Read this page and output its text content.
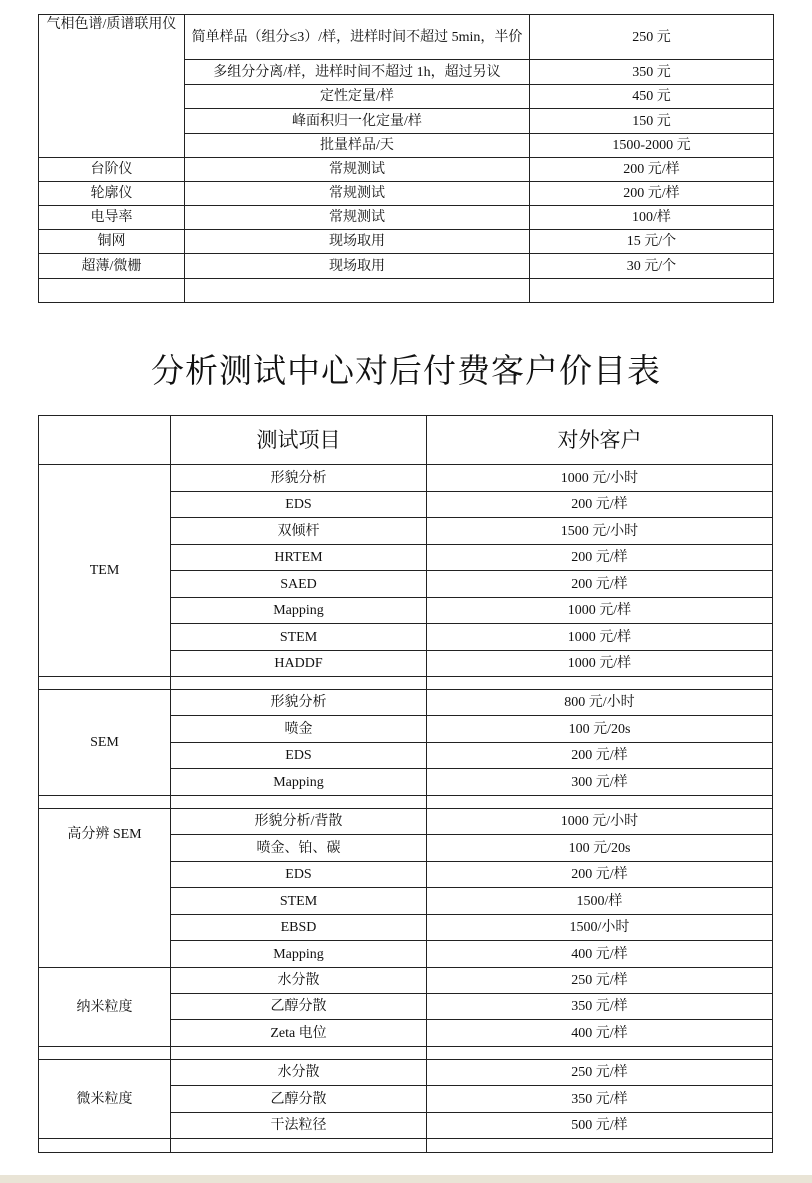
气相色谱/质谱联用仪	简单样品（组分≤3）/样，进样时间不超过 5min，半价	250 元
	多组分分离/样，进样时间不超过 1h，超过另议	350 元
	定性定量/样	450 元
	峰面积归一化定量/样	150 元
	批量样品/天	1500-2000 元
台阶仪	常规测试	200 元/样
轮廓仪	常规测试	200 元/样
电导率	常规测试	100/样
铜网	现场取用	15 元/个
超薄/微栅	现场取用	30 元/个

分析测试中心对后付费客户价目表
	测试项目	对外客户
TEM	形貌分析	1000 元/小时
	EDS	200 元/样
	双倾杆	1500 元/小时
	HRTEM	200 元/样
	SAED	200 元/样
	Mapping	1000 元/样
	STEM	1000 元/样
	HADDF	1000 元/样

SEM	形貌分析	800 元/小时
	喷金	100 元/20s
	EDS	200 元/样
	Mapping	300 元/样

高分辨 SEM	形貌分析/背散	1000 元/小时
	喷金、铂、碳	100 元/20s
	EDS	200 元/样
	STEM	1500/样
	EBSD	1500/小时
	Mapping	400 元/样
纳米粒度	水分散	250 元/样
	乙醇分散	350 元/样
	Zeta 电位	400 元/样

微米粒度	水分散	250 元/样
	乙醇分散	350 元/样
	干法粒径	500 元/样
